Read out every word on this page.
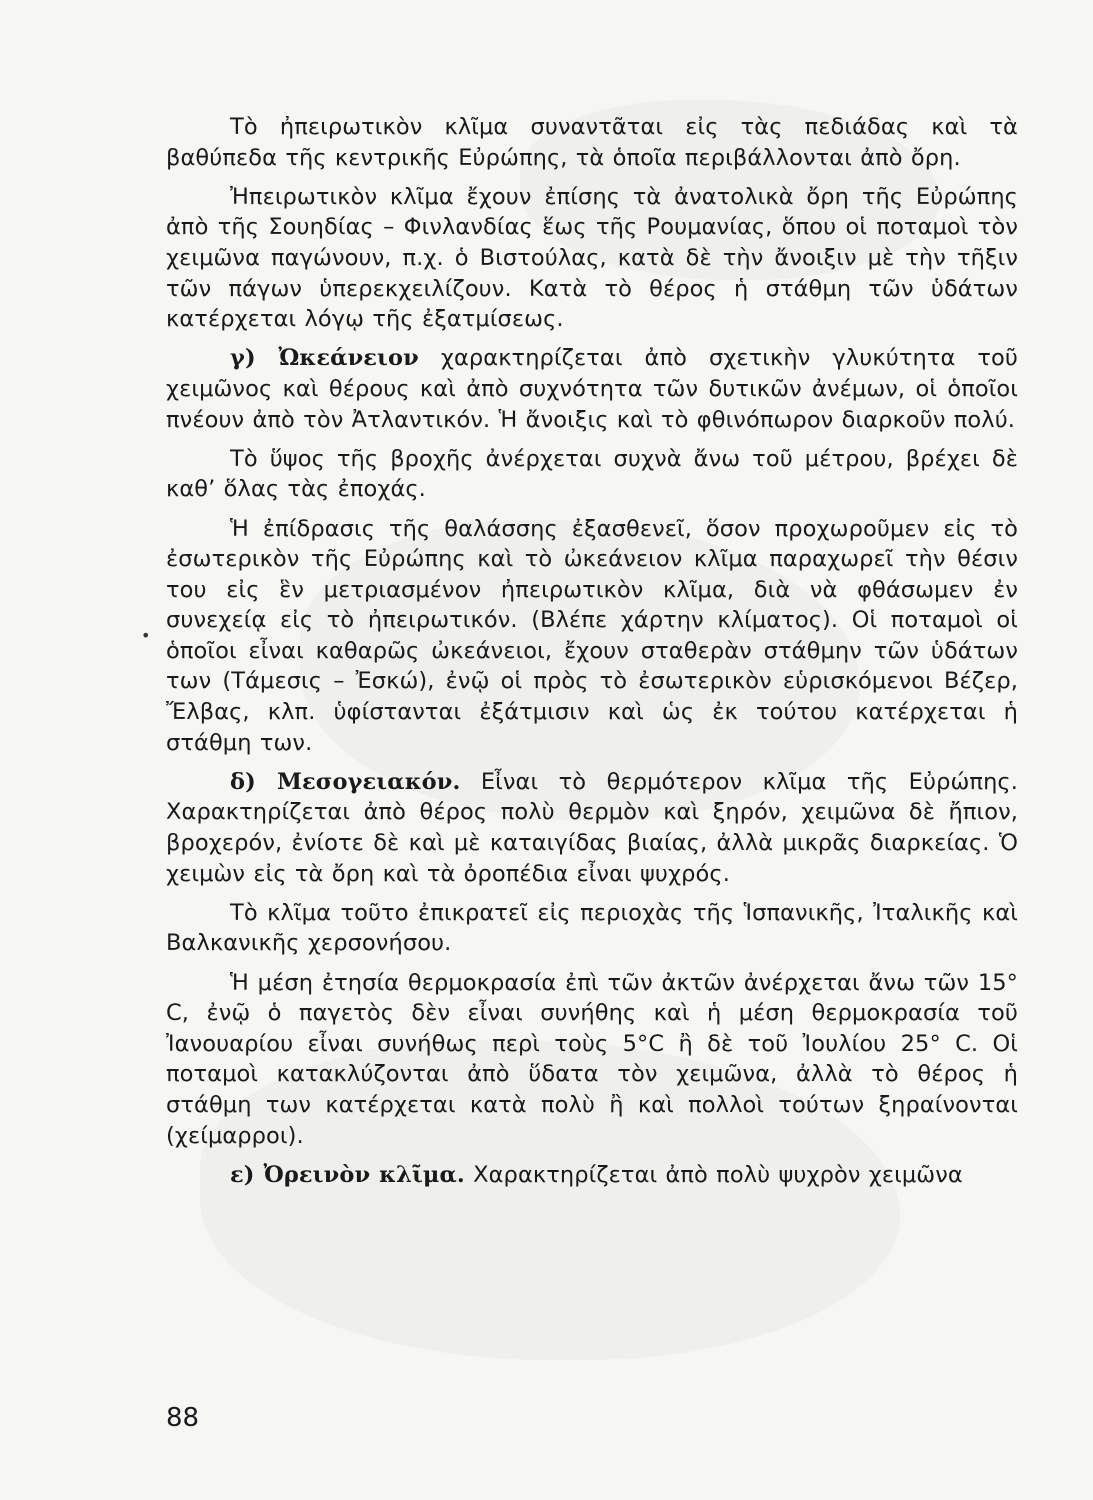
•

Τὸ ἠπειρωτικὸν κλῖμα συναντᾶται εἰς τὰς πεδιάδας καὶ τὰ βαθύπεδα τῆς κεντρικῆς Εὐρώπης, τὰ ὁποῖα περιβάλλονται ἀπὸ ὄρη.

Ἠπειρωτικὸν κλῖμα ἔχουν ἐπίσης τὰ ἀνατολικὰ ὄρη τῆς Εὐρώπης ἀπὸ τῆς Σουηδίας – Φινλανδίας ἕως τῆς Ρουμανίας, ὅπου οἱ ποταμοὶ τὸν χειμῶνα παγώνουν, π.χ. ὁ Βιστούλας, κατὰ δὲ τὴν ἄνοιξιν μὲ τὴν τῆξιν τῶν πάγων ὑπερεκχειλίζουν. Κατὰ τὸ θέρος ἡ στάθμη τῶν ὑδάτων κατέρχεται λόγῳ τῆς ἐξατμίσεως.

γ) Ὠκεάνειον χαρακτηρίζεται ἀπὸ σχετικὴν γλυκύτητα τοῦ χειμῶνος καὶ θέρους καὶ ἀπὸ συχνότητα τῶν δυτικῶν ἀνέμων, οἱ ὁποῖοι πνέουν ἀπὸ τὸν Ἀτλαντικόν. Ἡ ἄνοιξις καὶ τὸ φθινόπωρον διαρκοῦν πολύ.

Τὸ ὕψος τῆς βροχῆς ἀνέρχεται συχνὰ ἄνω τοῦ μέτρου, βρέχει δὲ καθ’ ὅλας τὰς ἐποχάς.

Ἡ ἐπίδρασις τῆς θαλάσσης ἐξασθενεῖ, ὅσον προχωροῦμεν εἰς τὸ ἐσωτερικὸν τῆς Εὐρώπης καὶ τὸ ὠκεάνειον κλῖμα παραχωρεῖ τὴν θέσιν του εἰς ἓν μετριασμένον ἠπειρωτικὸν κλῖμα, διὰ νὰ φθάσωμεν ἐν συνεχείᾳ εἰς τὸ ἠπειρωτικόν. (Βλέπε χάρτην κλίματος). Οἱ ποταμοὶ οἱ ὁποῖοι εἶναι καθαρῶς ὠκεάνειοι, ἔχουν σταθερὰν στάθμην τῶν ὑδάτων των (Τάμεσις – Ἐσκώ), ἐνῷ οἱ πρὸς τὸ ἐσωτερικὸν εὑρισκόμενοι Βέζερ, Ἔλβας, κλπ. ὑφίστανται ἐξάτμισιν καὶ ὡς ἐκ τούτου κατέρχεται ἡ στάθμη των.

δ) Μεσογειακόν. Εἶναι τὸ θερμότερον κλῖμα τῆς Εὐρώπης. Χαρακτηρίζεται ἀπὸ θέρος πολὺ θερμὸν καὶ ξηρόν, χειμῶνα δὲ ἤπιον, βροχερόν, ἐνίοτε δὲ καὶ μὲ καταιγίδας βιαίας, ἀλλὰ μικρᾶς διαρκείας. Ὁ χειμὼν εἰς τὰ ὄρη καὶ τὰ ὀροπέδια εἶναι ψυχρός.

Τὸ κλῖμα τοῦτο ἐπικρατεῖ εἰς περιοχὰς τῆς Ἱσπανικῆς, Ἰταλικῆς καὶ Βαλκανικῆς χερσονήσου.

Ἡ μέση ἐτησία θερμοκρασία ἐπὶ τῶν ἀκτῶν ἀνέρχεται ἄνω τῶν 15° C, ἐνῷ ὁ παγετὸς δὲν εἶναι συνήθης καὶ ἡ μέση θερμοκρασία τοῦ Ἰανουαρίου εἶναι συνήθως περὶ τοὺς 5°C ἢ δὲ τοῦ Ἰουλίου 25° C. Οἱ ποταμοὶ κατακλύζονται ἀπὸ ὕδατα τὸν χειμῶνα, ἀλλὰ τὸ θέρος ἡ στάθμη των κατέρχεται κατὰ πολὺ ἢ καὶ πολλοὶ τούτων ξηραίνονται (χείμαρροι).

ε) Ὀρεινὸν κλῖμα. Χαρακτηρίζεται ἀπὸ πολὺ ψυχρὸν χειμῶνα

88
